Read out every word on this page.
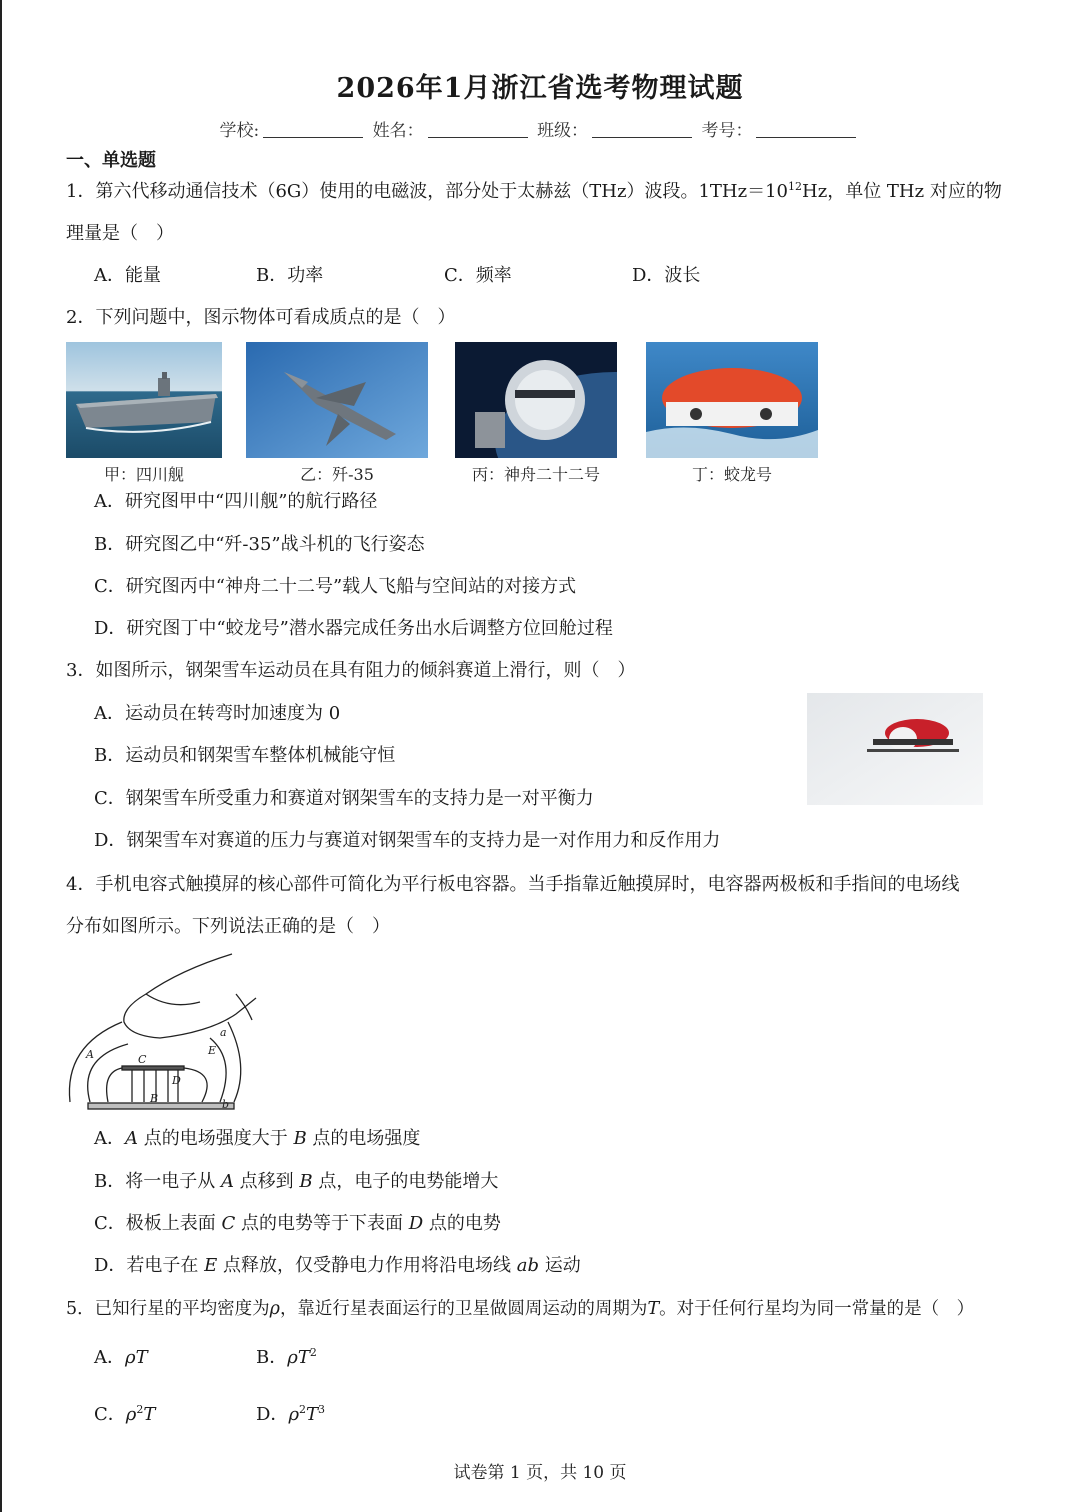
2026年1月浙江省选考物理试题
学校:	姓名：	班级：	考号：
一、单选题
1．第六代移动通信技术（6G）使用的电磁波，部分处于太赫兹（THz）波段。$1THz=10^{12}Hz$，单位 THz 对应的物
理量是（　）
A．能量	B．功率	C．频率	D．波长
2．下列问题中，图示物体可看成质点的是（　）
甲：四川舰	乙：歼-35	丙：神舟二十二号	丁：蛟龙号
A．研究图甲中“四川舰”的航行路径
B．研究图乙中“歼-35”战斗机的飞行姿态
C．研究图丙中“神舟二十二号”载人飞船与空间站的对接方式
D．研究图丁中“蛟龙号”潜水器完成任务出水后调整方位回舱过程
3．如图所示，钢架雪车运动员在具有阻力的倾斜赛道上滑行，则（　）
A．运动员在转弯时加速度为 0
B．运动员和钢架雪车整体机械能守恒
C．钢架雪车所受重力和赛道对钢架雪车的支持力是一对平衡力
D．钢架雪车对赛道的压力与赛道对钢架雪车的支持力是一对作用力和反作用力
4．手机电容式触摸屏的核心部件可简化为平行板电容器。当手指靠近触摸屏时，电容器两极板和手指间的电场线
分布如图所示。下列说法正确的是（　）
a
A	C
E
D
B	b
A．A 点的电场强度大于 B 点的电场强度
B．将一电子从 A 点移到 B 点，电子的电势能增大
C．极板上表面 C 点的电势等于下表面 D 点的电势
D．若电子在 E 点释放，仅受静电力作用将沿电场线 ab 运动
5．已知行星的平均密度为ρ，靠近行星表面运行的卫星做圆周运动的周期为T。对于任何行星均为同一常量的是（　）
A．ρT	B．$\rho T^2$
C．$\rho^2T$	D．$\rho^2T^3$
试卷第 1 页，共 10 页
